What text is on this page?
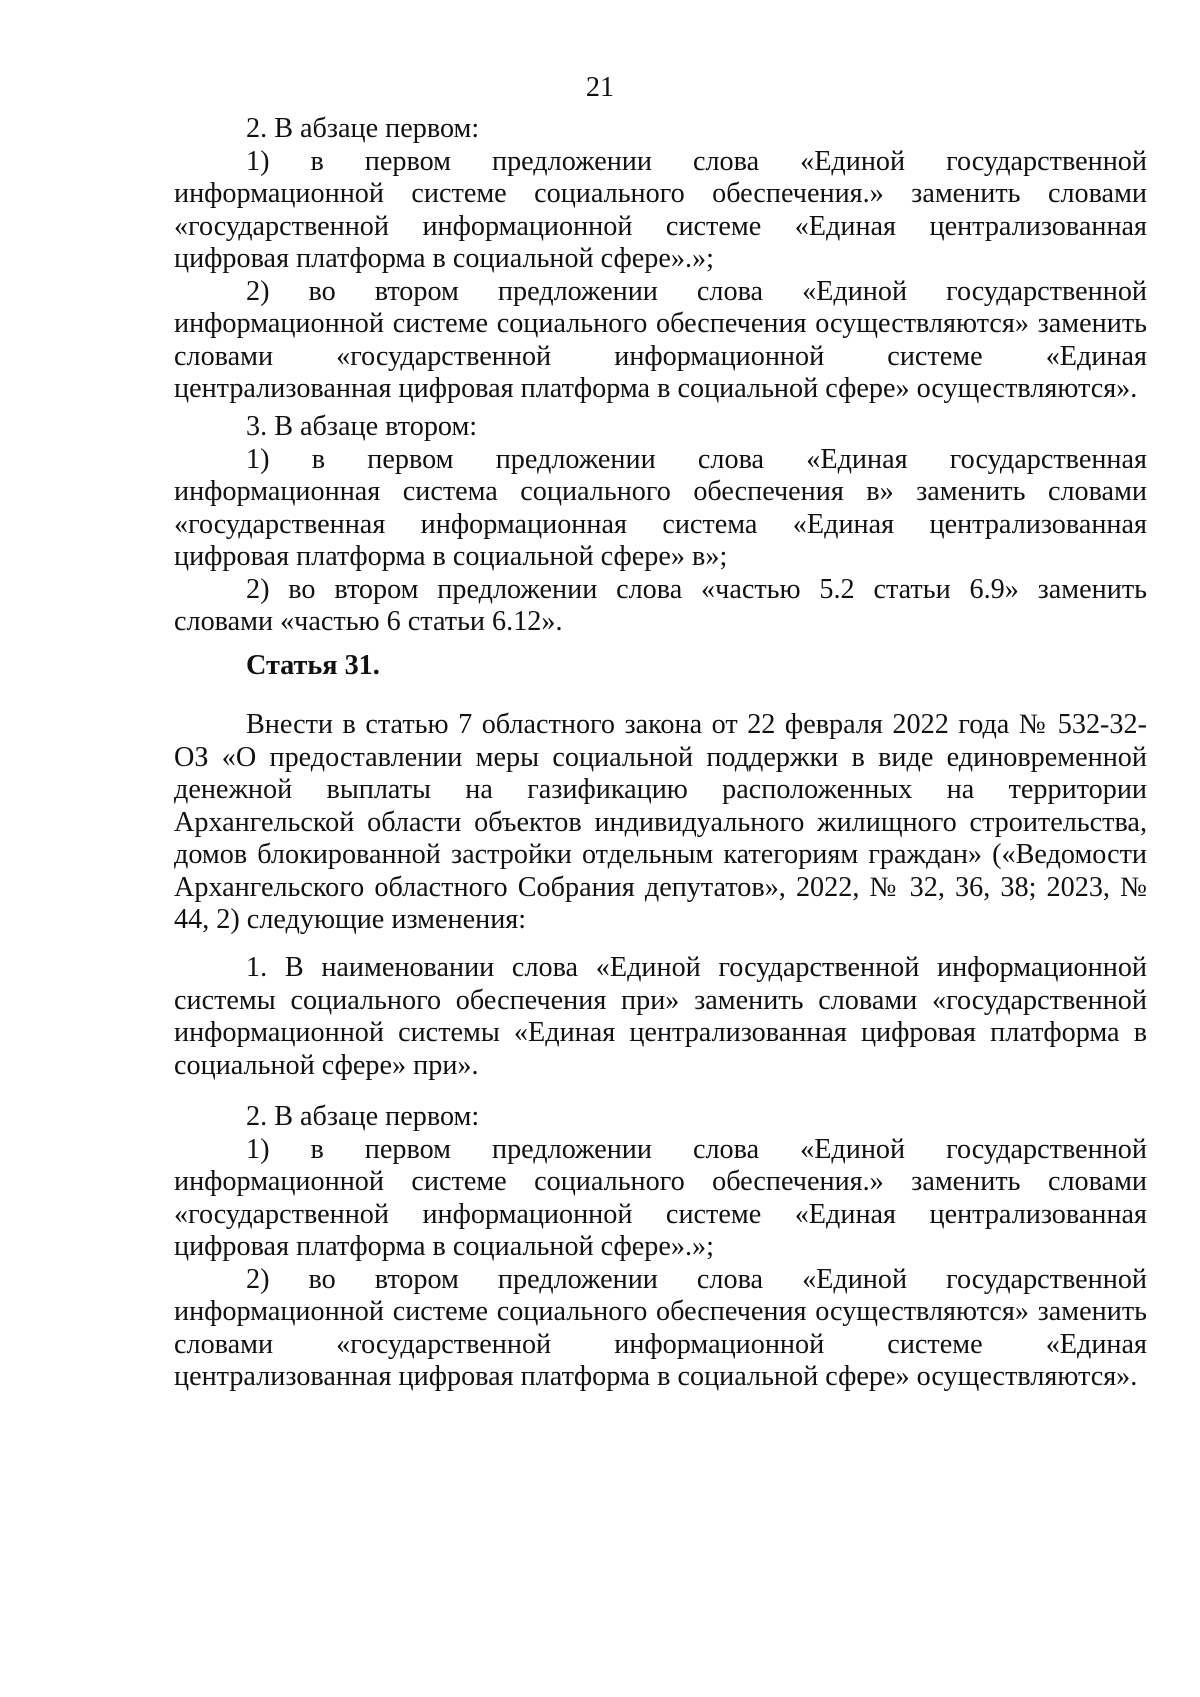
21
2. В абзаце первом:

1) в первом предложении слова «Единой государственной информационной системе социального обеспечения.» заменить словами «государственной информационной системе «Единая централизованная цифровая платформа в социальной сфере».»;

2) во втором предложении слова «Единой государственной информационной системе социального обеспечения осуществляются» заменить словами «государственной информационной системе «Единая централизованная цифровая платформа в социальной сфере» осуществляются».

3. В абзаце втором:

1) в первом предложении слова «Единая государственная информационная система социального обеспечения в» заменить словами «государственная информационная система «Единая централизованная цифровая платформа в социальной сфере» в»;

2) во втором предложении слова «частью 5.2 статьи 6.9» заменить словами «частью 6 статьи 6.12».

Статья 31.

Внести в статью 7 областного закона от 22 февраля 2022 года № 532-32-ОЗ «О предоставлении меры социальной поддержки в виде единовременной денежной выплаты на газификацию расположенных на территории Архангельской области объектов индивидуального жилищного строительства, домов блокированной застройки отдельным категориям граждан» («Ведомости Архангельского областного Собрания депутатов», 2022, № 32, 36, 38; 2023, № 44, 2) следующие изменения:

1. В наименовании слова «Единой государственной информационной системы социального обеспечения при» заменить словами «государственной информационной системы «Единая централизованная цифровая платформа в социальной сфере» при».

2. В абзаце первом:

1) в первом предложении слова «Единой государственной информационной системе социального обеспечения.» заменить словами «государственной информационной системе «Единая централизованная цифровая платформа в социальной сфере».»;

2) во втором предложении слова «Единой государственной информационной системе социального обеспечения осуществляются» заменить словами «государственной информационной системе «Единая централизованная цифровая платформа в социальной сфере» осуществляются».
